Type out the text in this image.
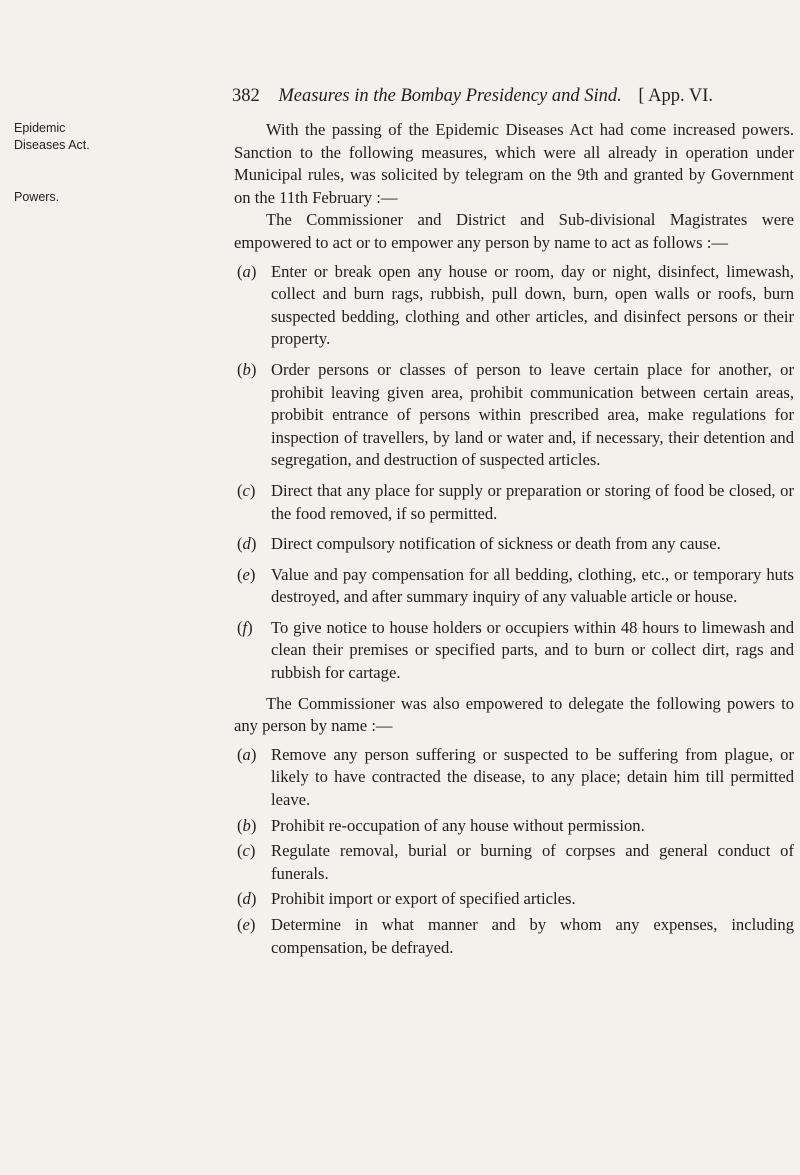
382 Measures in the Bombay Presidency and Sind. [ App. VI.
Epidemic Diseases Act.
Powers.

With the passing of the Epidemic Diseases Act had come increased powers. Sanction to the following measures, which were all already in operation under Municipal rules, was solicited by telegram on the 9th and granted by Government on the 11th February :—

The Commissioner and District and Sub-divisional Magistrates were empowered to act or to empower any person by name to act as follows :—

(a) Enter or break open any house or room, day or night, disinfect, limewash, collect and burn rags, rubbish, pull down, burn, open walls or roofs, burn suspected bedding, clothing and other articles, and disinfect persons or their property.
(b) Order persons or classes of person to leave certain place for another, or prohibit leaving given area, prohibit communication between certain areas, probibit entrance of persons within prescribed area, make regulations for inspection of travellers, by land or water and, if necessary, their detention and segregation, and destruction of suspected articles.
(c) Direct that any place for supply or preparation or storing of food be closed, or the food removed, if so permitted.
(d) Direct compulsory notification of sickness or death from any cause.
(e) Value and pay compensation for all bedding, clothing, etc., or temporary huts destroyed, and after summary inquiry of any valuable article or house.
(f) To give notice to house holders or occupiers within 48 hours to limewash and clean their premises or specified parts, and to burn or collect dirt, rags and rubbish for cartage.

The Commissioner was also empowered to delegate the following powers to any person by name :—

(a) Remove any person suffering or suspected to be suffering from plague, or likely to have contracted the disease, to any place; detain him till permitted leave.
(b) Prohibit re-occupation of any house without permission.
(c) Regulate removal, burial or burning of corpses and general conduct of funerals.
(d) Prohibit import or export of specified articles.
(e) Determine in what manner and by whom any expenses, including compensation, be defrayed.
